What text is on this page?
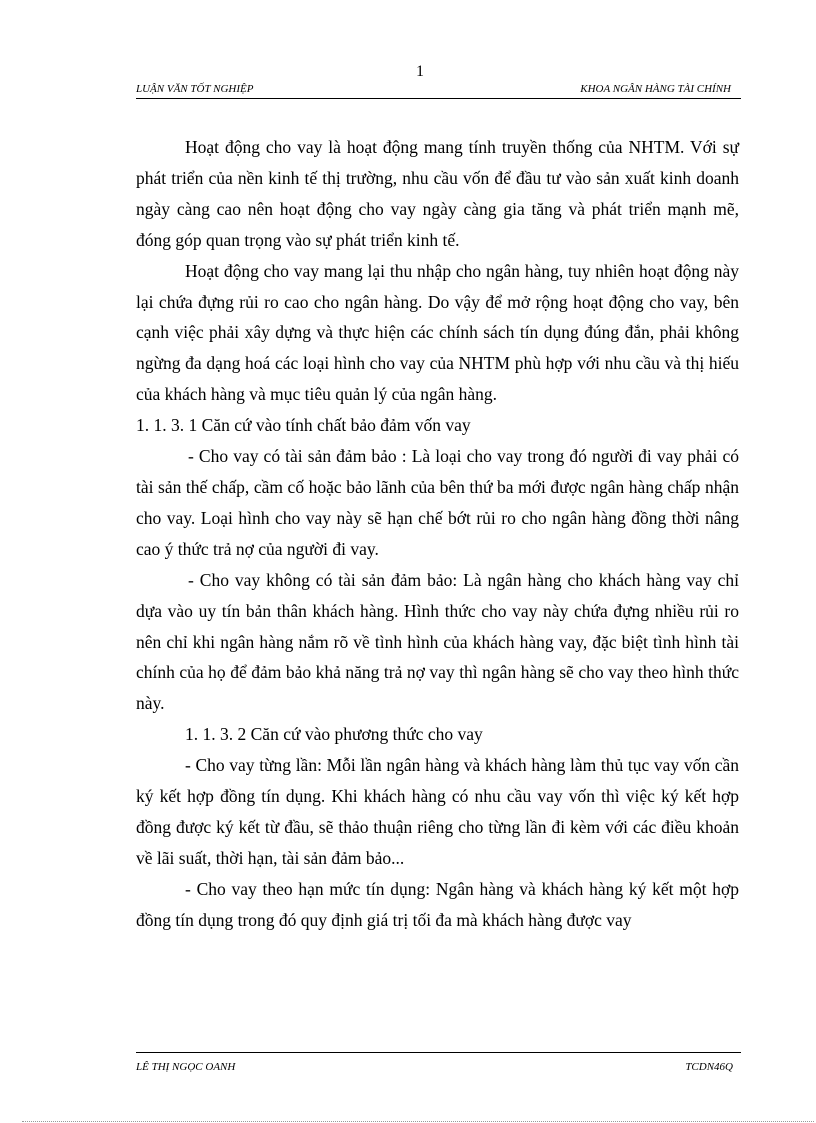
1
LUẬN VĂN TỐT NGHIỆP	KHOA NGÂN HÀNG TÀI CHÍNH

Hoạt động cho vay là hoạt động mang tính truyền thống của NHTM. Với sự phát triển của nền kinh tế thị trường, nhu cầu vốn để đầu tư vào sản xuất kinh doanh ngày càng cao nên hoạt động cho vay ngày càng gia tăng và phát triển mạnh mẽ, đóng góp quan trọng vào sự phát triển kinh tế.

Hoạt động cho vay mang lại thu nhập cho ngân hàng, tuy nhiên hoạt động này lại chứa đựng rủi ro cao cho ngân hàng. Do vậy để mở rộng hoạt động cho vay, bên cạnh việc phải xây dựng và thực hiện các chính sách tín dụng đúng đắn, phải không ngừng đa dạng hoá các loại hình cho vay của NHTM phù hợp với nhu cầu và thị hiếu của khách hàng và mục tiêu quản lý của ngân hàng.

1. 1. 3. 1 Căn cứ vào tính chất bảo đảm vốn vay

- Cho vay có tài sản đảm bảo : Là loại cho vay trong đó người đi vay phải có tài sản thế chấp, cầm cố hoặc bảo lãnh của bên thứ ba mới được ngân hàng chấp nhận cho vay. Loại hình cho vay này sẽ hạn chế bớt rủi ro cho ngân hàng đồng thời nâng cao ý thức trả nợ của người đi vay.

- Cho vay không có tài sản đảm bảo: Là ngân hàng cho khách hàng vay chỉ dựa vào uy tín bản thân khách hàng. Hình thức cho vay này chứa đựng nhiều rủi ro nên chỉ khi ngân hàng nắm rõ về tình hình của khách hàng vay, đặc biệt tình hình tài chính của họ để đảm bảo khả năng trả nợ vay thì ngân hàng sẽ cho vay theo hình thức này.

1. 1. 3. 2 Căn cứ vào phương thức cho vay

- Cho vay từng lần: Mỗi lần ngân hàng và khách hàng làm thủ tục vay vốn cần ký kết hợp đồng tín dụng. Khi khách hàng có nhu cầu vay vốn thì việc ký kết hợp đồng được ký kết từ đầu, sẽ thảo thuận riêng cho từng lần đi kèm với các điều khoản về lãi suất, thời hạn, tài sản đảm bảo...

- Cho vay theo hạn mức tín dụng: Ngân hàng và khách hàng ký kết một hợp đồng tín dụng trong đó quy định giá trị tối đa mà khách hàng được vay

LÊ THỊ NGỌC OANH	TCDN46Q
